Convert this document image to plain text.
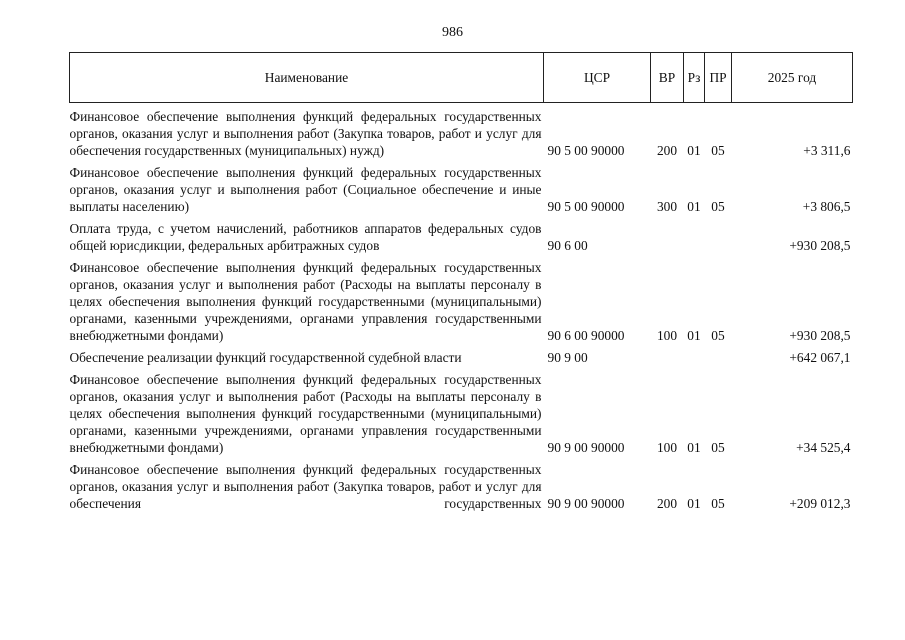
986
Наименование	ЦСР	ВР	Рз	ПР	2025 год
Финансовое обеспечение выполнения функций федеральных государственных органов, оказания услуг и выполнения работ (Закупка товаров, работ и услуг для обеспечения государственных (муниципальных) нужд)	90 5 00 90000	200	01	05	+3 311,6
Финансовое обеспечение выполнения функций федеральных государственных органов, оказания услуг и выполнения работ (Социальное обеспечение и иные выплаты населению)	90 5 00 90000	300	01	05	+3 806,5
Оплата труда, с учетом начислений, работников аппаратов федеральных судов общей юрисдикции, федеральных арбитражных судов	90 6 00				+930 208,5
Финансовое обеспечение выполнения функций федеральных государственных органов, оказания услуг и выполнения работ (Расходы на выплаты персоналу в целях обеспечения выполнения функций государственными (муниципальными) органами, казенными учреждениями, органами управления государственными внебюджетными фондами)	90 6 00 90000	100	01	05	+930 208,5
Обеспечение реализации функций государственной судебной власти	90 9 00				+642 067,1
Финансовое обеспечение выполнения функций федеральных государственных органов, оказания услуг и выполнения работ (Расходы на выплаты персоналу в целях обеспечения выполнения функций государственными (муниципальными) органами, казенными учреждениями, органами управления государственными внебюджетными фондами)	90 9 00 90000	100	01	05	+34 525,4
Финансовое обеспечение выполнения функций федеральных государственных органов, оказания услуг и выполнения работ (Закупка товаров, работ и услуг для обеспечения государственных	90 9 00 90000	200	01	05	+209 012,3
